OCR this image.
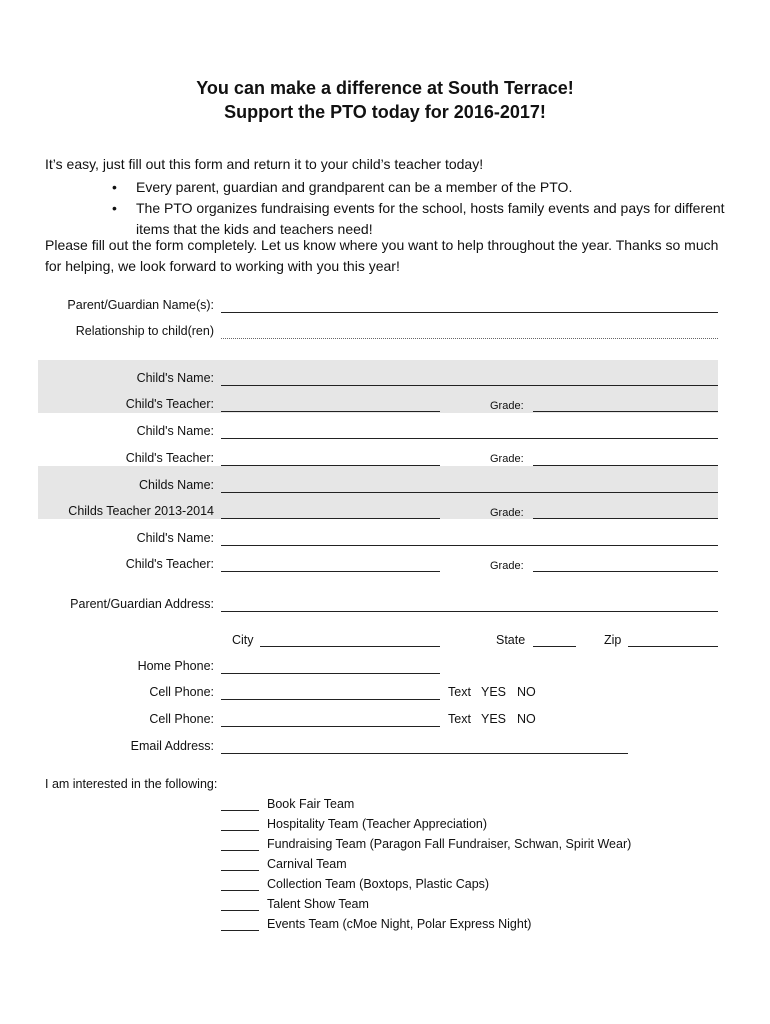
You can make a difference at South Terrace!
Support the PTO today for 2016-2017!

It’s easy, just fill out this form and return it to your child’s teacher today!

• Every parent, guardian and grandparent can be a member of the PTO.
• The PTO organizes fundraising events for the school, hosts family events and pays for different items that the kids and teachers need!

Please fill out the form completely. Let us know where you want to help throughout the year. Thanks so much for helping, we look forward to working with you this year!

Parent/Guardian Name(s):
Relationship to child(ren)
Child's Name:
Child's Teacher:	Grade:
Child's Name:
Child's Teacher:	Grade:
Childs Name:
Childs Teacher 2013-2014	Grade:
Child's Name:
Child's Teacher:	Grade:
Parent/Guardian Address:
City	State	Zip
Home Phone:
Cell Phone:	Text YES NO
Cell Phone:	Text YES NO
Email Address:
I am interested in the following:
Book Fair Team
Hospitality Team (Teacher Appreciation)
Fundraising Team (Paragon Fall Fundraiser, Schwan, Spirit Wear)
Carnival Team
Collection Team (Boxtops, Plastic Caps)
Talent Show Team
Events Team (cMoe Night, Polar Express Night)
